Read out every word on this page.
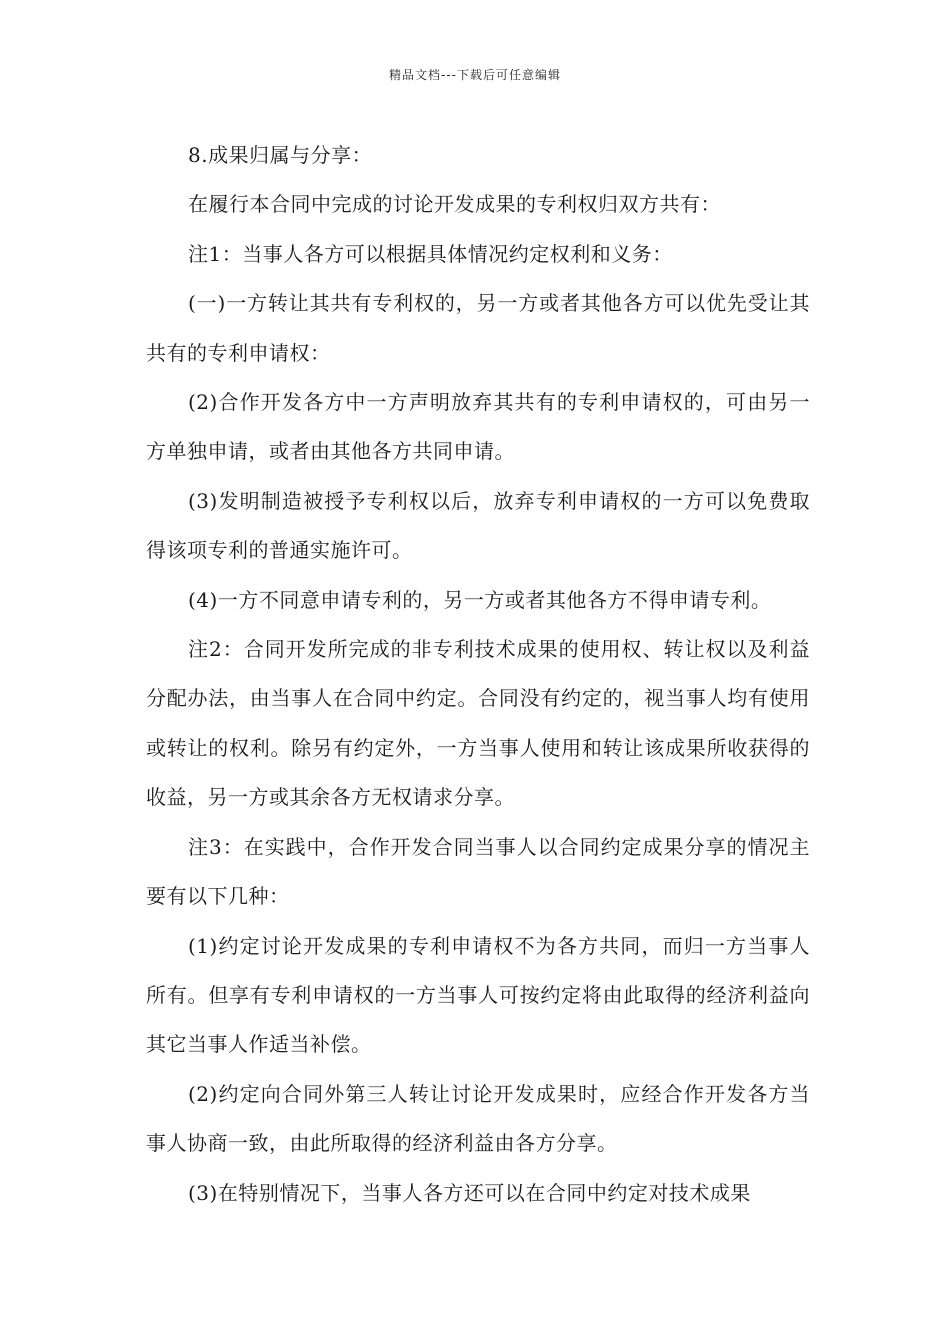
精品文档---下载后可任意编辑

8.成果归属与分享：

在履行本合同中完成的讨论开发成果的专利权归双方共有：

注1：当事人各方可以根据具体情况约定权利和义务：

(一)一方转让其共有专利权的，另一方或者其他各方可以优先受让其共有的专利申请权：

(2)合作开发各方中一方声明放弃其共有的专利申请权的，可由另一方单独申请，或者由其他各方共同申请。

(3)发明制造被授予专利权以后，放弃专利申请权的一方可以免费取得该项专利的普通实施许可。

(4)一方不同意申请专利的，另一方或者其他各方不得申请专利。

注2：合同开发所完成的非专利技术成果的使用权、转让权以及利益分配办法，由当事人在合同中约定。合同没有约定的，视当事人均有使用或转让的权利。除另有约定外，一方当事人使用和转让该成果所收获得的收益，另一方或其余各方无权请求分享。

注3：在实践中，合作开发合同当事人以合同约定成果分享的情况主要有以下几种：

(1)约定讨论开发成果的专利申请权不为各方共同，而归一方当事人所有。但享有专利申请权的一方当事人可按约定将由此取得的经济利益向其它当事人作适当补偿。

(2)约定向合同外第三人转让讨论开发成果时，应经合作开发各方当事人协商一致，由此所取得的经济利益由各方分享。

(3)在特别情况下，当事人各方还可以在合同中约定对技术成果
